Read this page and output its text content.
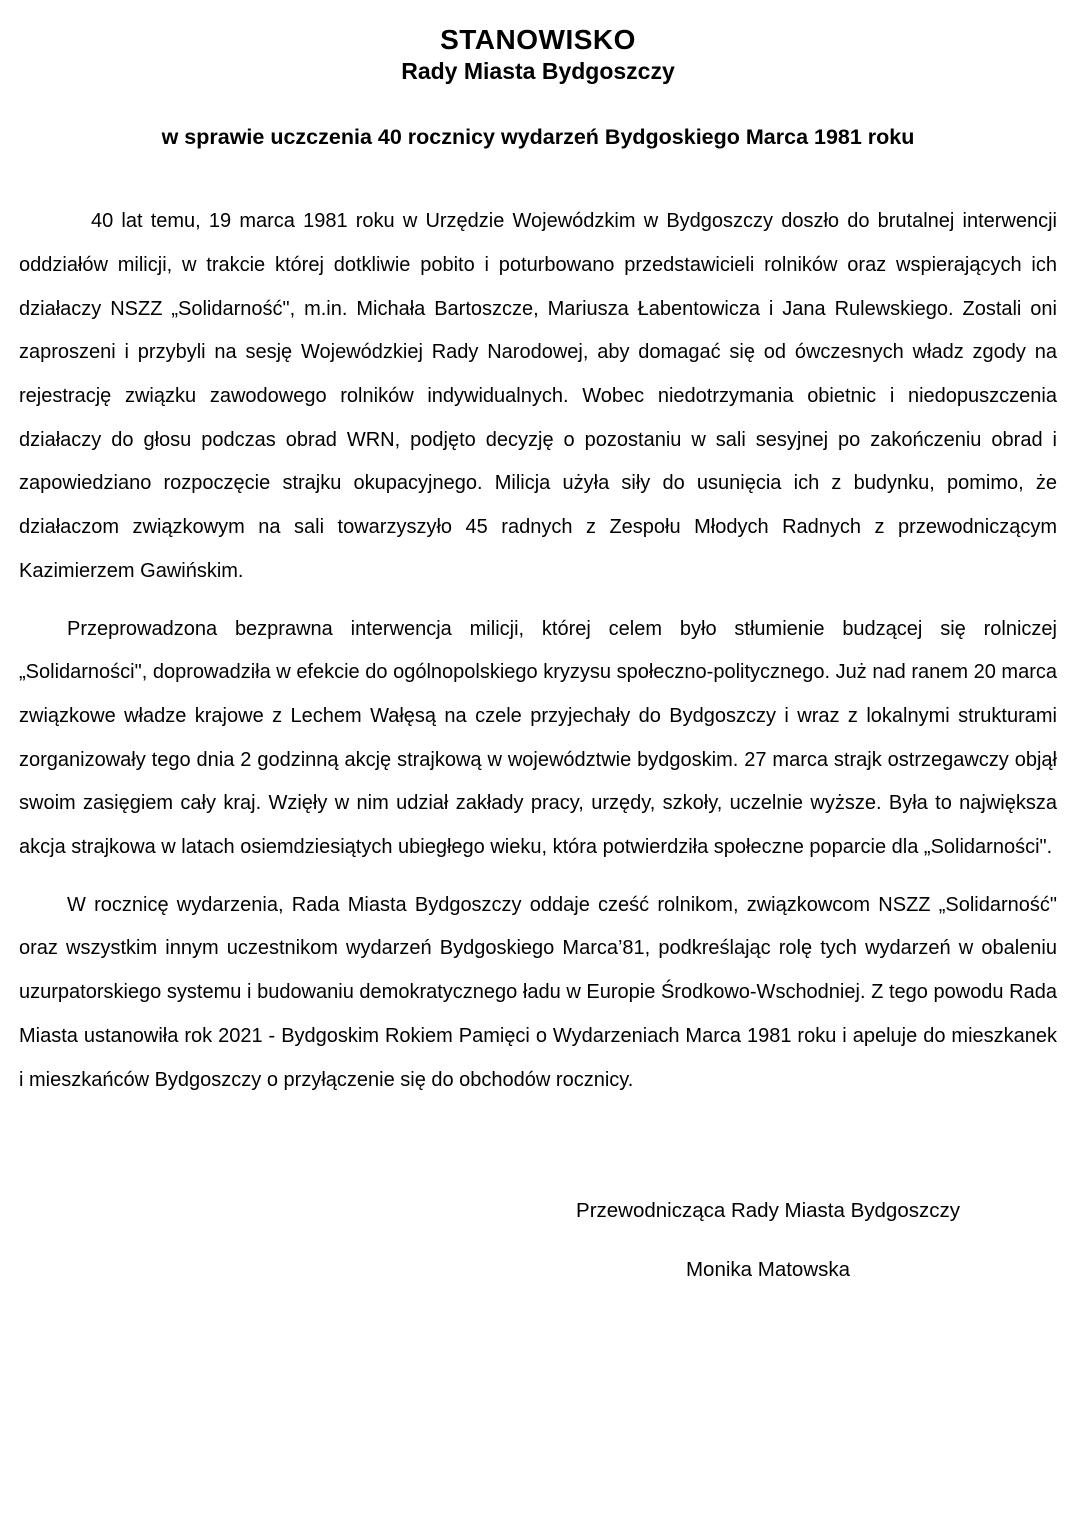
STANOWISKO
Rady Miasta Bydgoszczy
w sprawie uczczenia 40 rocznicy wydarzeń Bydgoskiego Marca 1981 roku

40 lat temu, 19 marca 1981 roku w Urzędzie Wojewódzkim w Bydgoszczy doszło do brutalnej interwencji oddziałów milicji, w trakcie której dotkliwie pobito i poturbowano przedstawicieli rolników oraz wspierających ich działaczy NSZZ „Solidarność", m.in. Michała Bartoszcze, Mariusza Łabentowicza i Jana Rulewskiego. Zostali oni zaproszeni i przybyli na sesję Wojewódzkiej Rady Narodowej, aby domagać się od ówczesnych władz zgody na rejestrację związku zawodowego rolników indywidualnych. Wobec niedotrzymania obietnic i niedopuszczenia działaczy do głosu podczas obrad WRN, podjęto decyzję o pozostaniu w sali sesyjnej po zakończeniu obrad i zapowiedziano rozpoczęcie strajku okupacyjnego. Milicja użyła siły do usunięcia ich z budynku, pomimo, że działaczom związkowym na sali towarzyszyło 45 radnych z Zespołu Młodych Radnych z przewodniczącym Kazimierzem Gawińskim.

Przeprowadzona bezprawna interwencja milicji, której celem było stłumienie budzącej się rolniczej „Solidarności", doprowadziła w efekcie do ogólnopolskiego kryzysu społeczno-politycznego. Już nad ranem 20 marca związkowe władze krajowe z Lechem Wałęsą na czele przyjechały do Bydgoszczy i wraz z lokalnymi strukturami zorganizowały tego dnia 2 godzinną akcję strajkową w województwie bydgoskim. 27 marca strajk ostrzegawczy objął swoim zasięgiem cały kraj. Wzięły w nim udział zakłady pracy, urzędy, szkoły, uczelnie wyższe. Była to największa akcja strajkowa w latach osiemdziesiątych ubiegłego wieku, która potwierdziła społeczne poparcie dla „Solidarności".

W rocznicę wydarzenia, Rada Miasta Bydgoszczy oddaje cześć rolnikom, związkowcom NSZZ „Solidarność" oraz wszystkim innym uczestnikom wydarzeń Bydgoskiego Marca’81, podkreślając rolę tych wydarzeń w obaleniu uzurpatorskiego systemu i budowaniu demokratycznego ładu w Europie Środkowo-Wschodniej. Z tego powodu Rada Miasta ustanowiła rok 2021 - Bydgoskim Rokiem Pamięci o Wydarzeniach Marca 1981 roku i apeluje do mieszkanek i mieszkańców Bydgoszczy o przyłączenie się do obchodów rocznicy.

Przewodnicząca Rady Miasta Bydgoszczy
Monika Matowska
